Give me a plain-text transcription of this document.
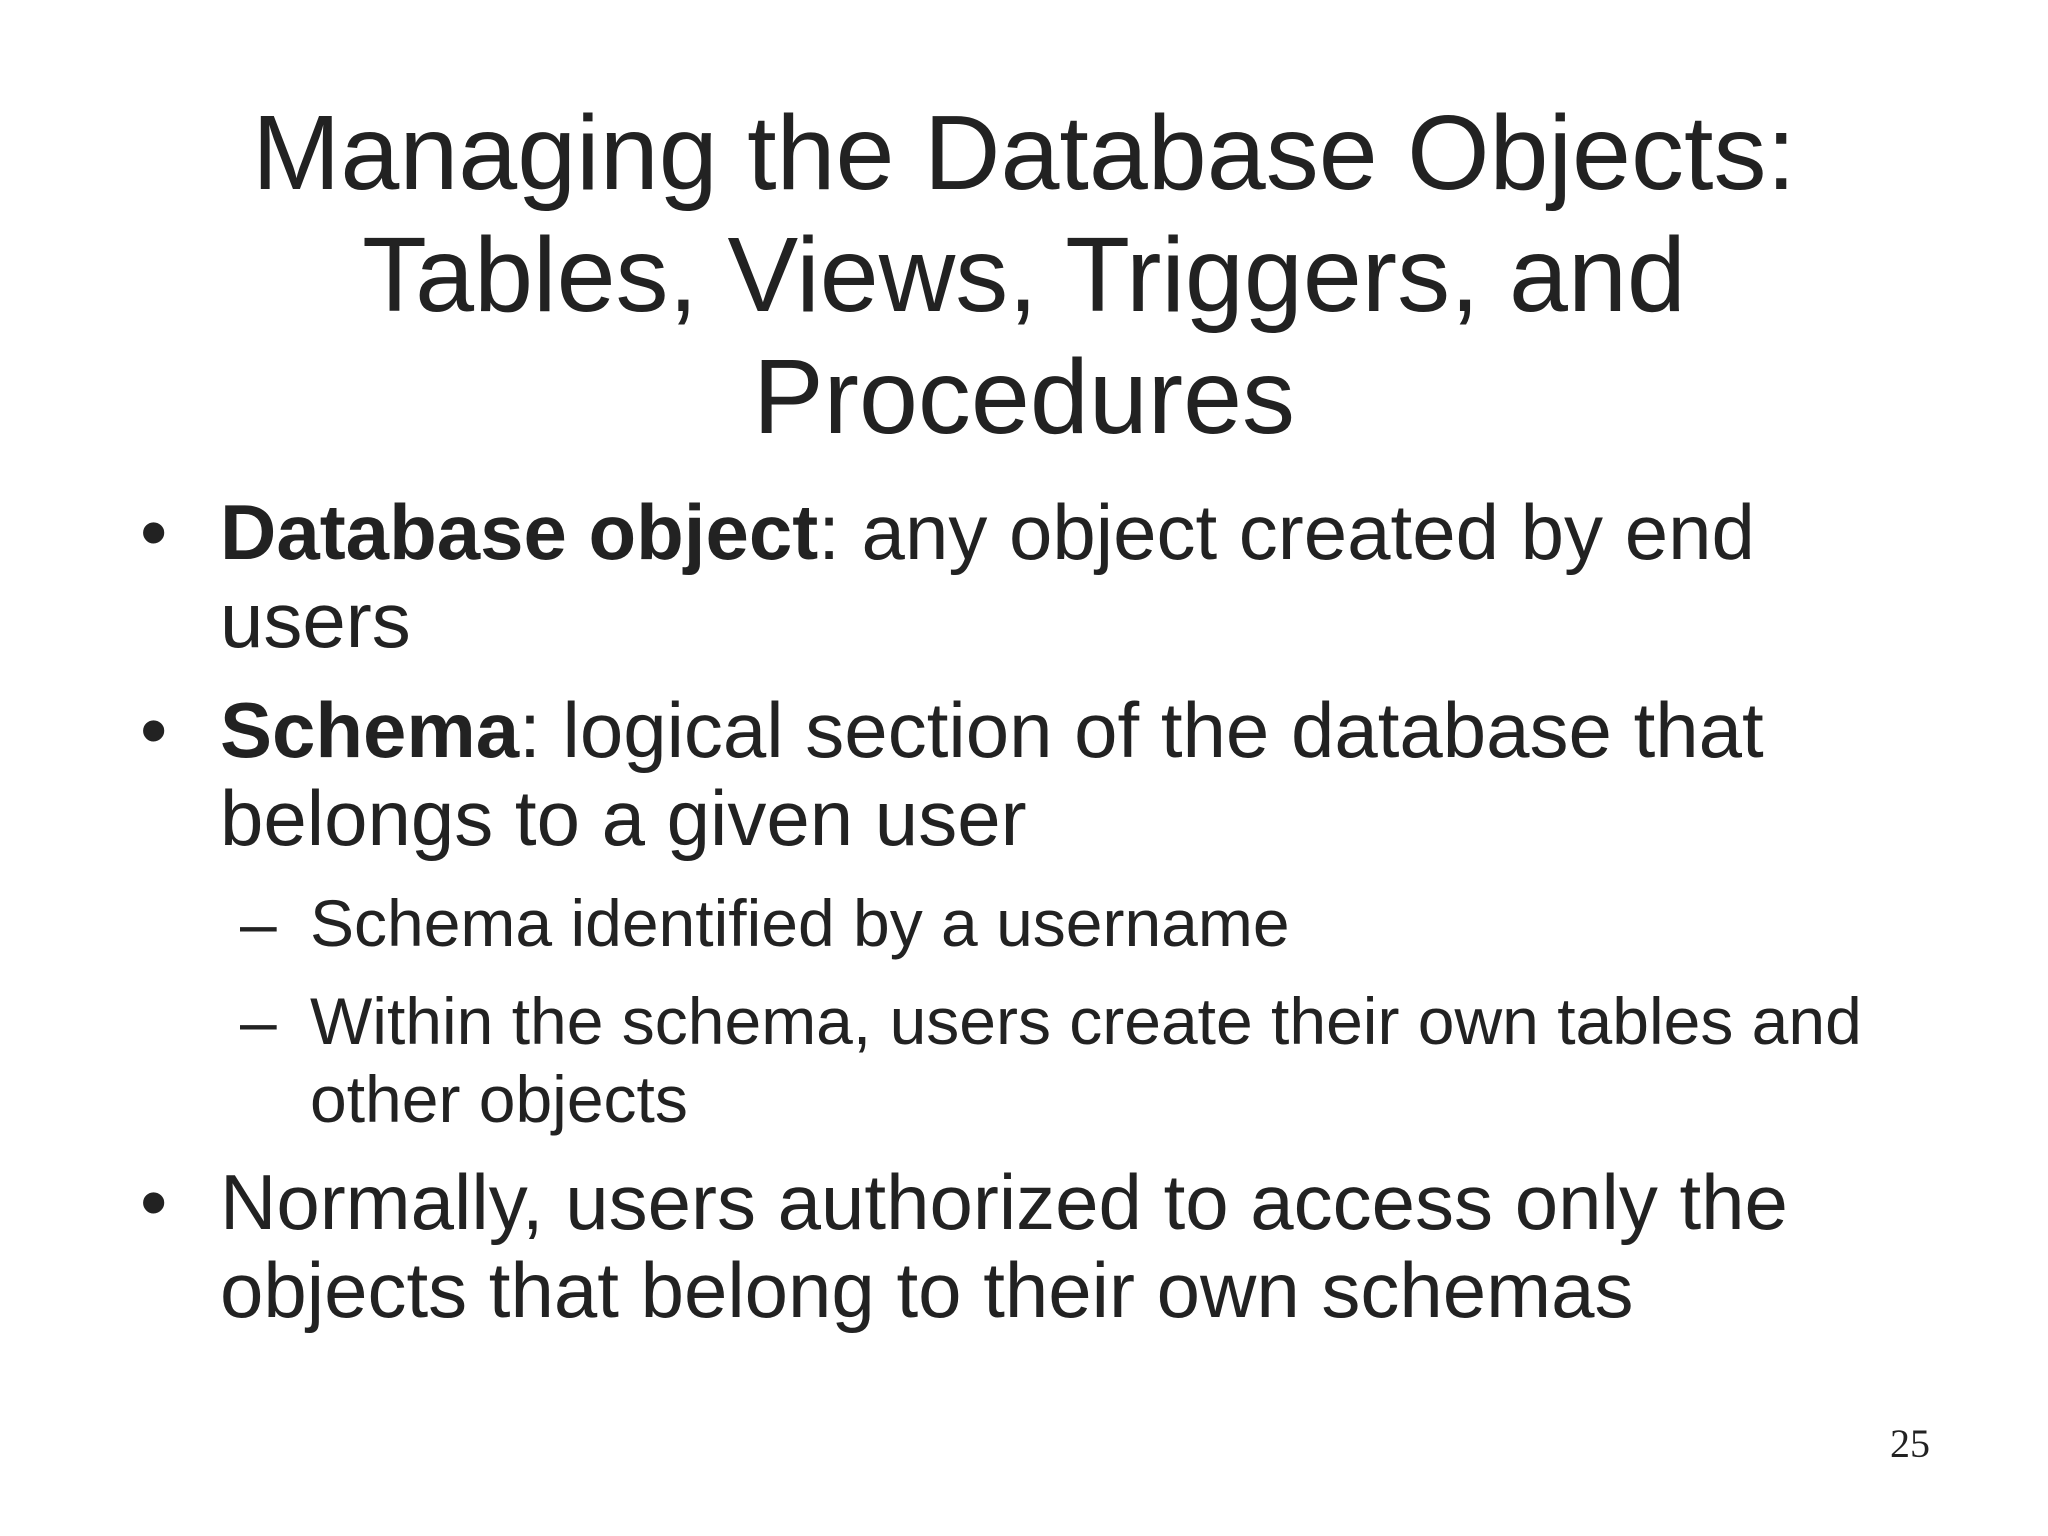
Managing the Database Objects:
Tables, Views, Triggers, and
Procedures
• Database object: any object created by end users
• Schema: logical section of the database that belongs to a given user
– Schema identified by a username
– Within the schema, users create their own tables and other objects
• Normally, users authorized to access only the objects that belong to their own schemas
25
